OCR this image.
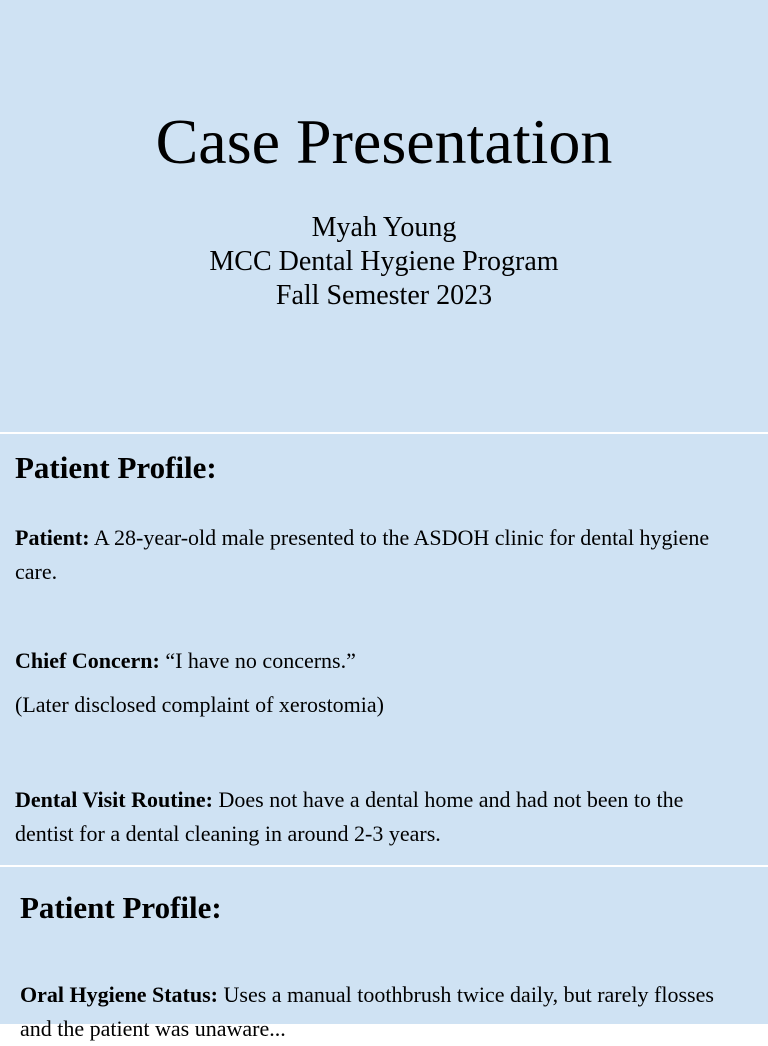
Case Presentation
Myah Young
MCC Dental Hygiene Program
Fall Semester 2023
Patient Profile:

Patient: A 28-year-old male presented to the ASDOH clinic for dental hygiene care.

Chief Concern: “I have no concerns.”

(Later disclosed complaint of xerostomia)

Dental Visit Routine: Does not have a dental home and had not been to the dentist for a dental cleaning in around 2-3 years.

Patient Profile:

Oral Hygiene Status: Uses a manual toothbrush twice daily, but rarely flosses and the patient was unaware...
